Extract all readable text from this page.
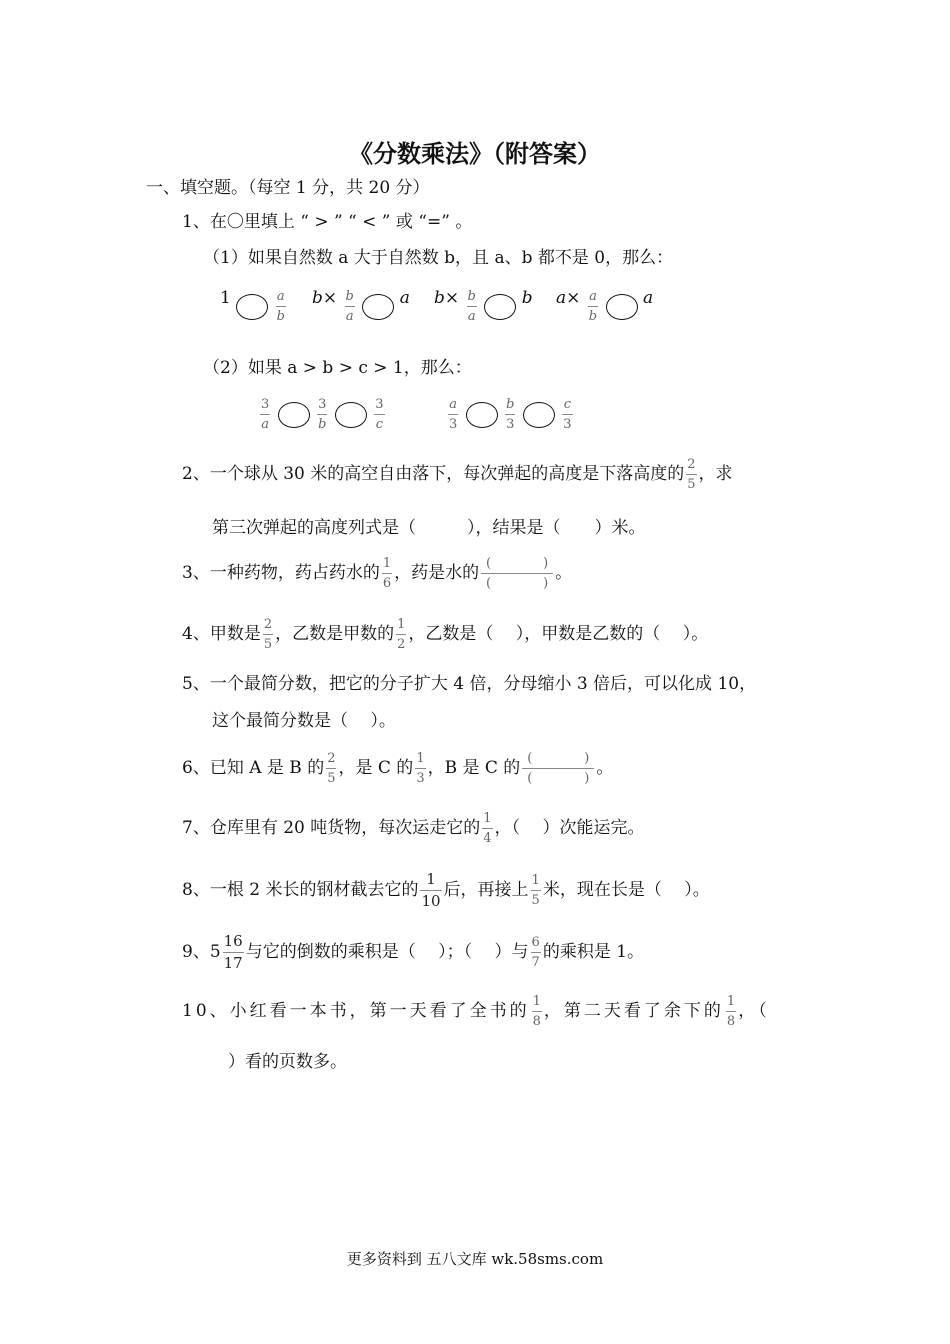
《分数乘法》（附答案）
一、填空题。（每空 1 分，共 20 分）
1、在〇里填上 “ > ” “ < ” 或 “=” 。
（1）如果自然数 a 大于自然数 b，且 a、b 都不是 0，那么：
1	$\frac{a}{b} b\times \frac{b}{a}$	a $b\times \frac{b}{a}$	b $a\times \frac{a}{b}$	a
（2）如果 a > b > c > 1，那么：
$\frac{3}{a}$
	$\frac{3}{b}$
	$\frac{3}{c}$	$\frac{a}{3}$
	$\frac{b}{3}$
	$\frac{c}{3}$
2、一个球从 30 米的高空自由落下，每次弹起的高度是下落高度的 $\frac{2}{5}$ ，求
第三次弹起的高度列式是（　　　），结果是（　　）米。
3、一种药物，药占药水的 $\frac{1}{6}$ ，药是水的 $\frac{( )}{( )}$ 。
4、甲数是 $\frac{2}{5}$ ，乙数是甲数的 $\frac{1}{2}$ ，乙数是（　 ），甲数是乙数的（　 ）。
5、一个最简分数，把它的分子扩大 4 倍，分母缩小 3 倍后，可以化成 10，
这个最简分数是（　 ）。
6、已知 A 是 B 的 $\frac{2}{5}$ ，是 C 的 $\frac{1}{3}$ ，B 是 C 的 $\frac{( )}{( )}$ 。
7、仓库里有 20 吨货物，每次运走它的 $\frac{1}{4}$ ，（　 ）次能运完。
8、一根 2 米长的钢材截去它的 $\frac{1}{10}$ 后，再接上 $\frac{1}{5}$ 米，现在长是（　 ）。
9、$5 \frac{16}{17}$ 与它的倒数的乘积是（　 ）；（　 ）与 $\frac{6}{7}$ 的乘积是 1。
10、小红看一本书，第一天看了全书的 $\frac{1}{8}$ ，第二天看了余下的 $\frac{1}{8}$ ，（
）看的页数多。
更多资料到 五八文库 wk.58sms.com
